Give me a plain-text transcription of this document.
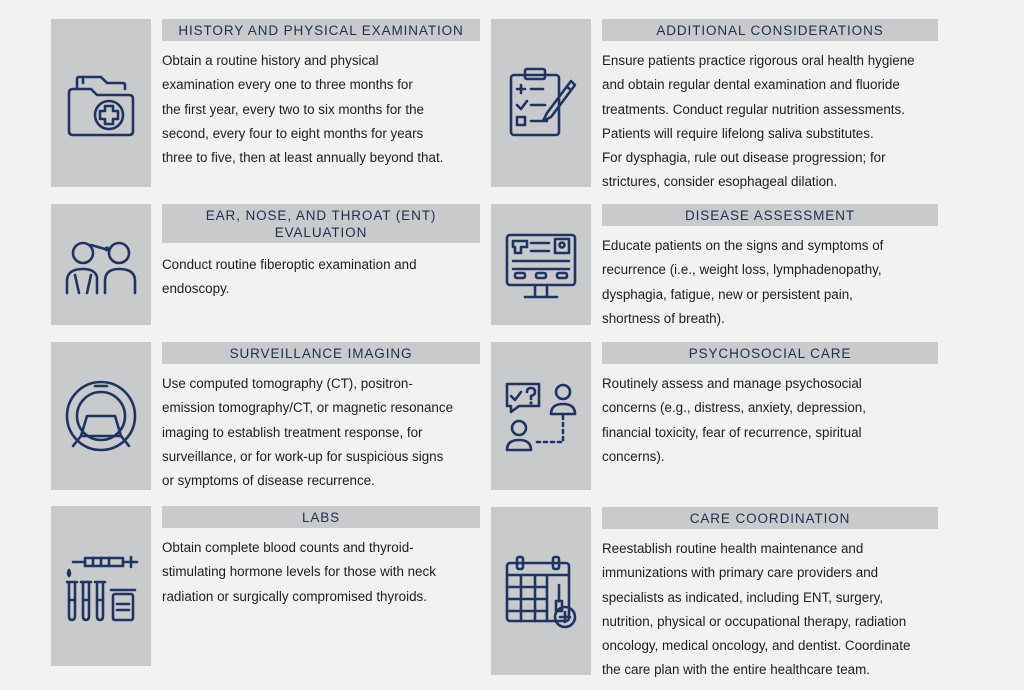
HISTORY AND PHYSICAL EXAMINATION
Obtain a routine history and physical
examination every one to three months for
the first year, every two to six months for the
second, every four to eight months for years
three to five, then at least annually beyond that.
ADDITIONAL CONSIDERATIONS
Ensure patients practice rigorous oral health hygiene
and obtain regular dental examination and fluoride
treatments. Conduct regular nutrition assessments.
Patients will require lifelong saliva substitutes.
For dysphagia, rule out disease progression; for
strictures, consider esophageal dilation.
EAR, NOSE, AND THROAT (ENT)
EVALUATION
Conduct routine fiberoptic examination and
endoscopy.
DISEASE ASSESSMENT
Educate patients on the signs and symptoms of
recurrence (i.e., weight loss, lymphadenopathy,
dysphagia, fatigue, new or persistent pain,
shortness of breath).
SURVEILLANCE IMAGING
Use computed tomography (CT), positron-
emission tomography/CT, or magnetic resonance
imaging to establish treatment response, for
surveillance, or for work-up for suspicious signs
or symptoms of disease recurrence.
PSYCHOSOCIAL CARE
Routinely assess and manage psychosocial
concerns (e.g., distress, anxiety, depression,
financial toxicity, fear of recurrence, spiritual
concerns).
LABS
Obtain complete blood counts and thyroid-
stimulating hormone levels for those with neck
radiation or surgically compromised thyroids.
CARE COORDINATION
Reestablish routine health maintenance and
immunizations with primary care providers and
specialists as indicated, including ENT, surgery,
nutrition, physical or occupational therapy, radiation
oncology, medical oncology, and dentist. Coordinate
the care plan with the entire healthcare team.
